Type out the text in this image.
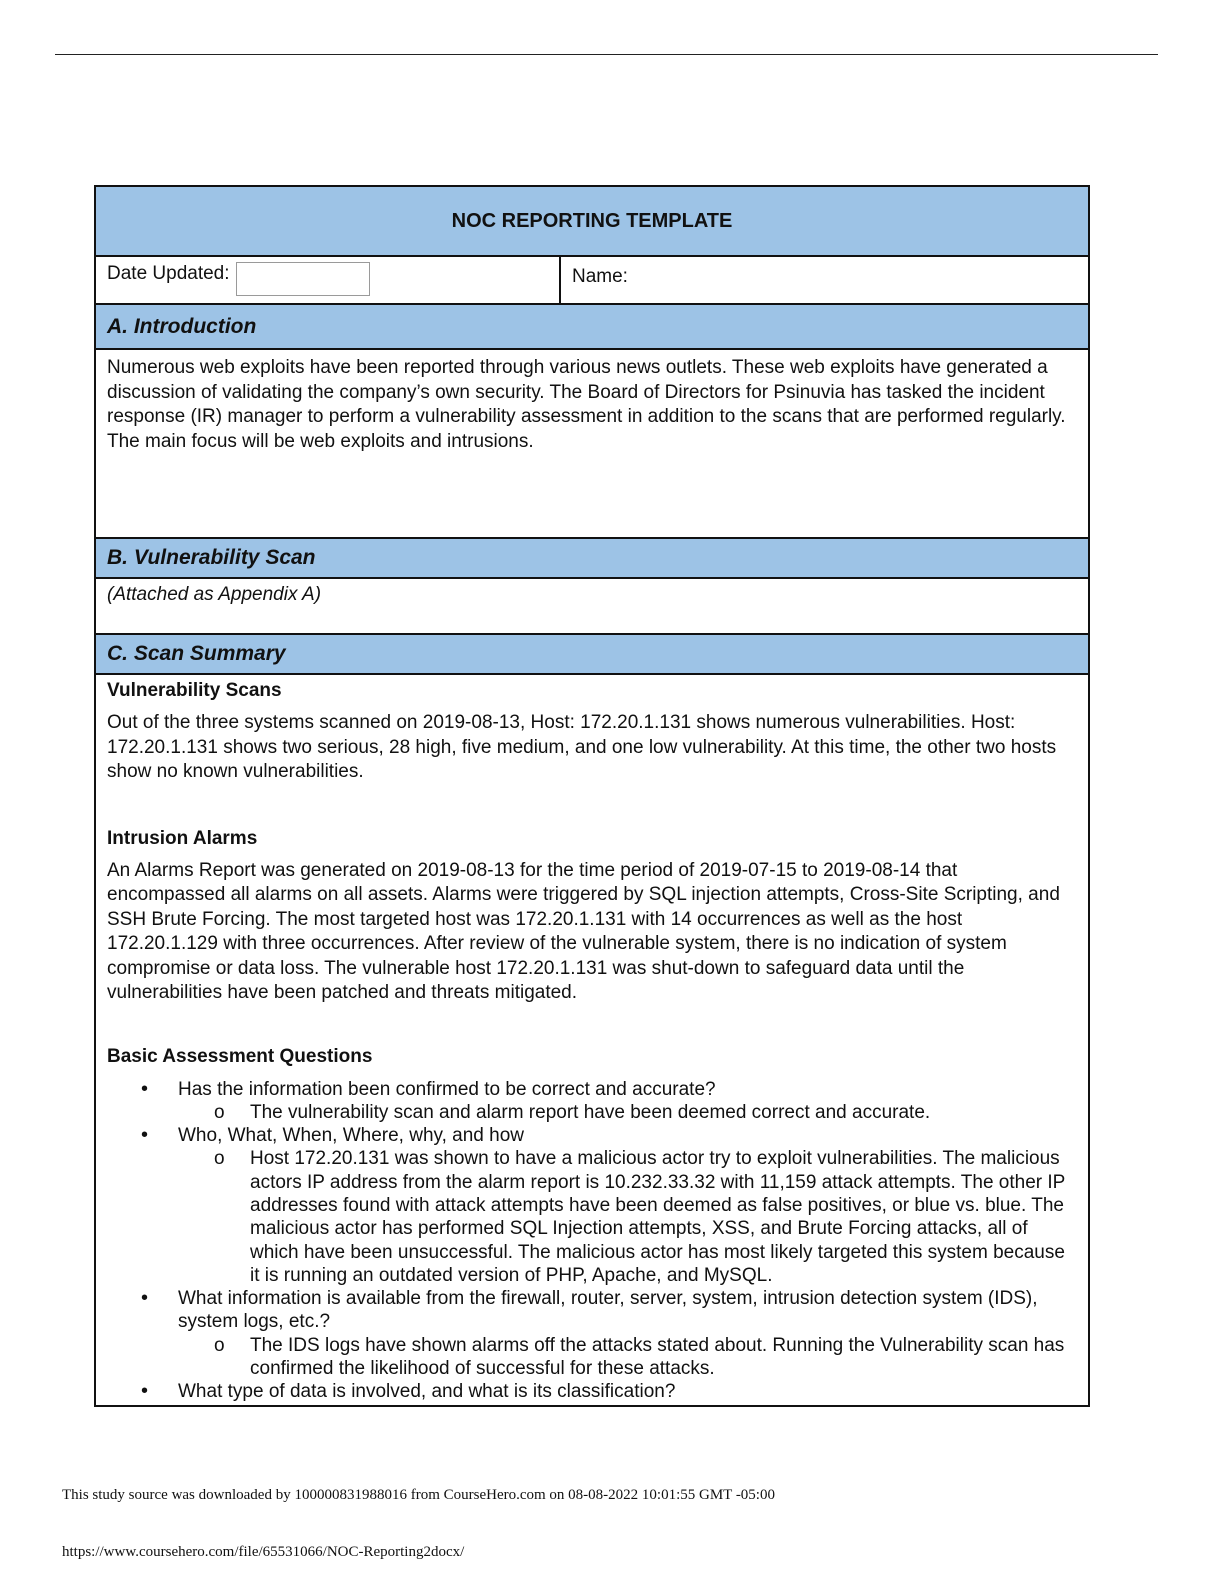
NOC REPORTING TEMPLATE
Date Updated:	Name:
A. Introduction
Numerous web exploits have been reported through various news outlets. These web exploits have generated a discussion of validating the company’s own security. The Board of Directors for Psinuvia has tasked the incident response (IR) manager to perform a vulnerability assessment in addition to the scans that are performed regularly. The main focus will be web exploits and intrusions.
B. Vulnerability Scan
(Attached as Appendix A)
C. Scan Summary

Vulnerability Scans

Out of the three systems scanned on 2019-08-13, Host: 172.20.1.131 shows numerous vulnerabilities. Host: 172.20.1.131 shows two serious, 28 high, five medium, and one low vulnerability. At this time, the other two hosts show no known vulnerabilities.

Intrusion Alarms

An Alarms Report was generated on 2019-08-13 for the time period of 2019-07-15 to 2019-08-14 that encompassed all alarms on all assets. Alarms were triggered by SQL injection attempts, Cross-Site Scripting, and SSH Brute Forcing. The most targeted host was 172.20.1.131 with 14 occurrences as well as the host 172.20.1.129 with three occurrences. After review of the vulnerable system, there is no indication of system compromise or data loss. The vulnerable host 172.20.1.131 was shut-down to safeguard data until the vulnerabilities have been patched and threats mitigated.

Basic Assessment Questions

• Has the information been confirmed to be correct and accurate?
o The vulnerability scan and alarm report have been deemed correct and accurate.
• Who, What, When, Where, why, and how
o Host 172.20.131 was shown to have a malicious actor try to exploit vulnerabilities. The malicious actors IP address from the alarm report is 10.232.33.32 with 11,159 attack attempts. The other IP addresses found with attack attempts have been deemed as false positives, or blue vs. blue. The malicious actor has performed SQL Injection attempts, XSS, and Brute Forcing attacks, all of which have been unsuccessful. The malicious actor has most likely targeted this system because it is running an outdated version of PHP, Apache, and MySQL.
• What information is available from the firewall, router, server, system, intrusion detection system (IDS), system logs, etc.?
o The IDS logs have shown alarms off the attacks stated about. Running the Vulnerability scan has confirmed the likelihood of successful for these attacks.
• What type of data is involved, and what is its classification?
This study source was downloaded by 100000831988016 from CourseHero.com on 08-08-2022 10:01:55 GMT -05:00
https://www.coursehero.com/file/65531066/NOC-Reporting2docx/
